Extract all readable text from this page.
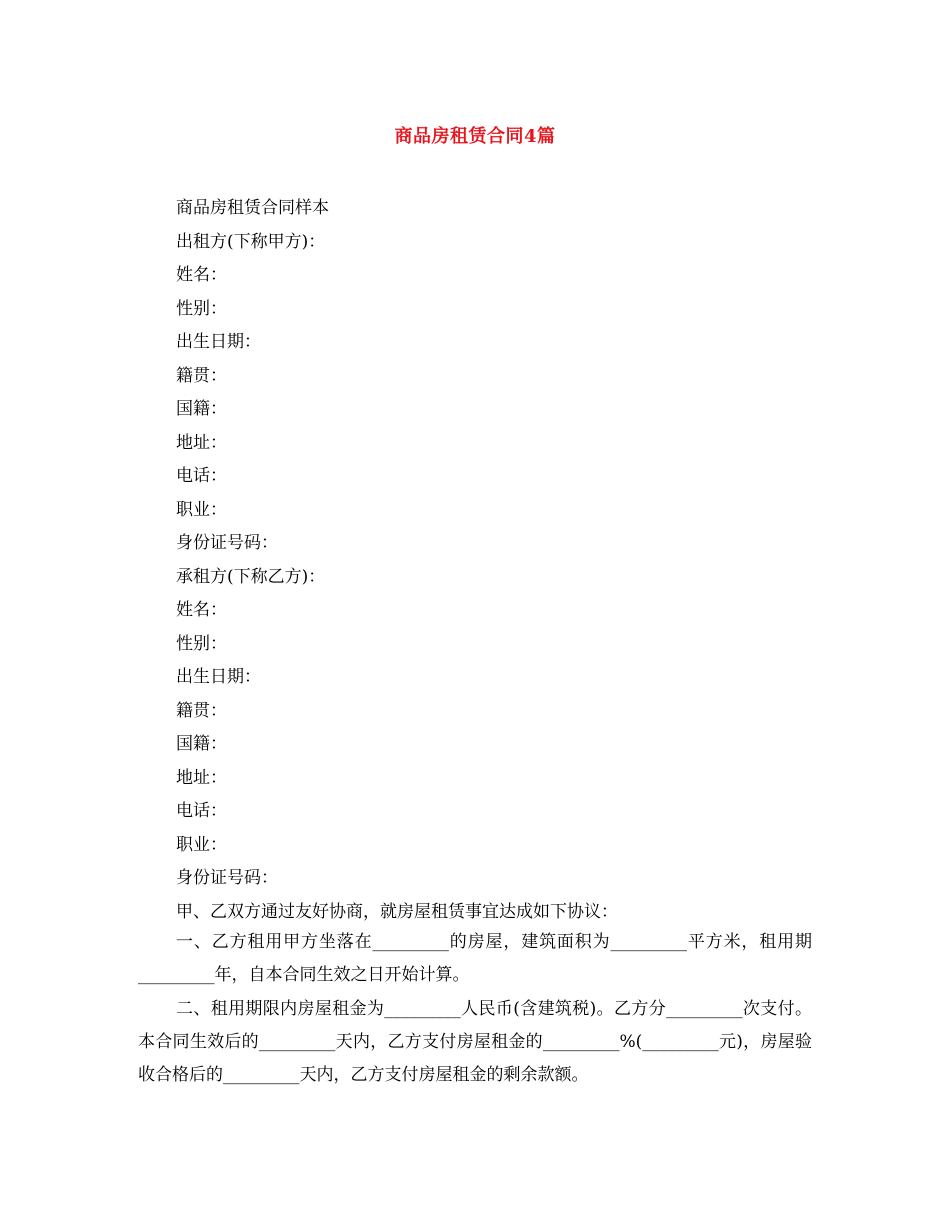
商品房租赁合同4篇
商品房租赁合同样本
出租方(下称甲方)：
姓名：
性别：
出生日期：
籍贯：
国籍：
地址：
电话：
职业：
身份证号码：
承租方(下称乙方)：
姓名：
性别：
出生日期：
籍贯：
国籍：
地址：
电话：
职业：
身份证号码：
甲、乙双方通过友好协商，就房屋租赁事宜达成如下协议：

一、乙方租用甲方坐落在_________的房屋，建筑面积为_________平方米，租用期_________年，自本合同生效之日开始计算。

二、租用期限内房屋租金为_________人民币(含建筑税)。乙方分_________次支付。本合同生效后的_________天内，乙方支付房屋租金的_________%(_________元)，房屋验收合格后的_________天内，乙方支付房屋租金的剩余款额。
